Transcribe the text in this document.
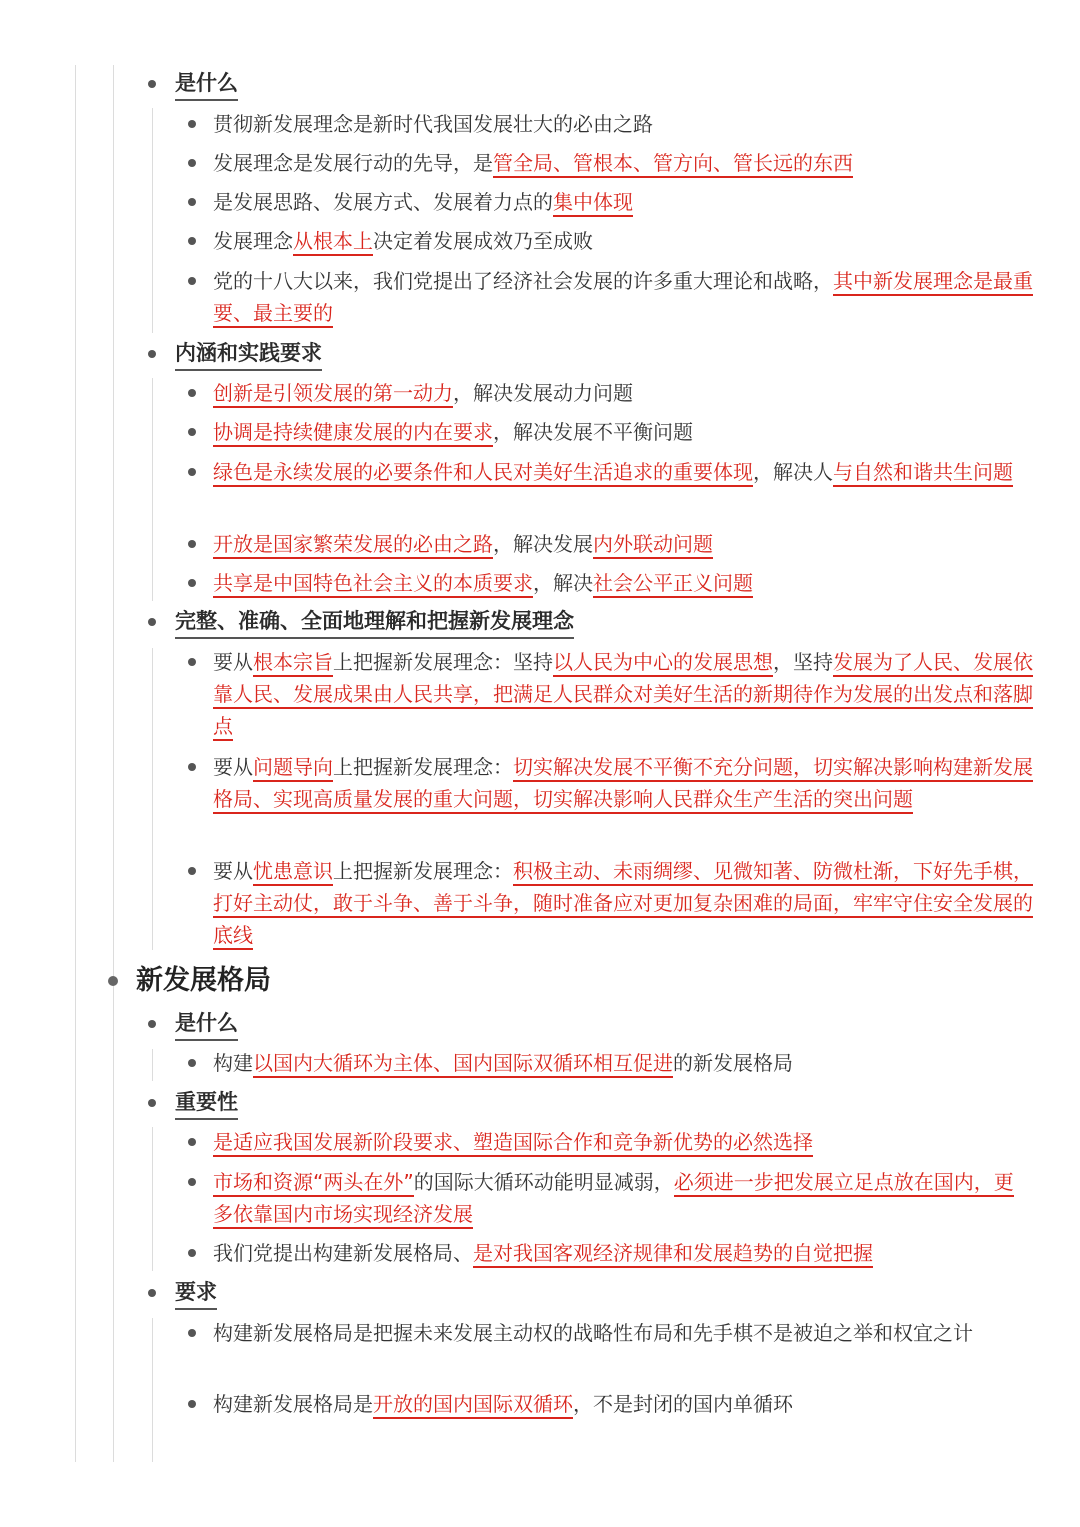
是什么
贯彻新发展理念是新时代我国发展壮大的必由之路
发展理念是发展行动的先导，是管全局、管根本、管方向、管长远的东西
是发展思路、发展方式、发展着力点的集中体现
发展理念从根本上决定着发展成效乃至成败
党的十八大以来，我们党提出了经济社会发展的许多重大理论和战略，其中新发展理念是最重要、最主要的
内涵和实践要求
创新是引领发展的第一动力，解决发展动力问题
协调是持续健康发展的内在要求，解决发展不平衡问题
绿色是永续发展的必要条件和人民对美好生活追求的重要体现，解决人与自然和谐共生问题
开放是国家繁荣发展的必由之路，解决发展内外联动问题
共享是中国特色社会主义的本质要求，解决社会公平正义问题
完整、准确、全面地理解和把握新发展理念
要从根本宗旨上把握新发展理念：坚持以人民为中心的发展思想，坚持发展为了人民、发展依靠人民、发展成果由人民共享，把满足人民群众对美好生活的新期待作为发展的出发点和落脚点
要从问题导向上把握新发展理念：切实解决发展不平衡不充分问题，切实解决影响构建新发展格局、实现高质量发展的重大问题，切实解决影响人民群众生产生活的突出问题
要从忧患意识上把握新发展理念：积极主动、未雨绸缪、见微知著、防微杜渐，下好先手棋，打好主动仗，敢于斗争、善于斗争，随时准备应对更加复杂困难的局面，牢牢守住安全发展的底线
新发展格局
是什么
构建以国内大循环为主体、国内国际双循环相互促进的新发展格局
重要性
是适应我国发展新阶段要求、塑造国际合作和竞争新优势的必然选择
市场和资源“两头在外”的国际大循环动能明显减弱，必须进一步把发展立足点放在国内，更多依靠国内市场实现经济发展
我们党提出构建新发展格局、是对我国客观经济规律和发展趋势的自觉把握
要求
构建新发展格局是把握未来发展主动权的战略性布局和先手棋不是被迫之举和权宜之计
构建新发展格局是开放的国内国际双循环，不是封闭的国内单循环
